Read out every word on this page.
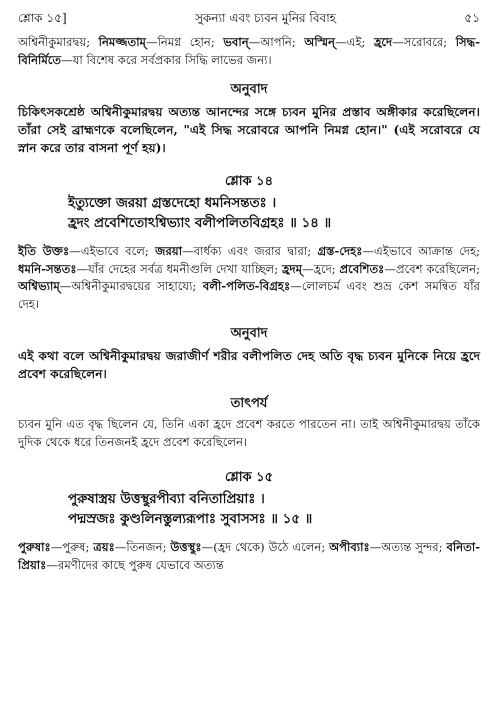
শ্লোক ১৫]	সুকন্যা এবং চ্যবন মুনির বিবাহ	৫১

অশ্বিনীকুমারদ্বয়; নিমজ্জতাম্—নিমগ্ন হোন; ভবান্—আপনি; অস্মিন্—এই; হ্রদে—সরোবরে; সিদ্ধ-বিনির্মিতে—যা বিশেষ করে সর্বপ্রকার সিদ্ধি লাভের জন্য।

অনুবাদ

চিকিৎসকশ্রেষ্ঠ অশ্বিনীকুমারদ্বয় অত্যন্ত আনন্দের সঙ্গে চ্যবন মুনির প্রস্তাব অঙ্গীকার করেছিলেন। তাঁরা সেই ব্রাহ্মণকে বলেছিলেন, "এই সিদ্ধ সরোবরে আপনি নিমগ্ন হোন।" (এই সরোবরে যে স্নান করে তার বাসনা পূর্ণ হয়)।

শ্লোক ১৪

ইত্যুক্তো জরয়া গ্রস্তদেহো ধমনিসন্ততঃ ।

হ্রদং প্রবেশিতোঽশ্বিভ্যাং বলীপলিতবিগ্রহঃ ॥ ১৪ ॥

ইতি উক্তঃ—এইভাবে বলে; জরয়া—বার্ধক্য এবং জরার দ্বারা; গ্রস্ত-দেহঃ—এইভাবে আক্রান্ত দেহ; ধমনি-সন্ততঃ—যাঁর দেহের সর্বত্র ধমনীগুলি দেখা যাচ্ছিল; হ্রদম্—হ্রদে; প্রবেশিতঃ—প্রবেশ করেছিলেন; অশ্বিভ্যাম্—অশ্বিনীকুমারদ্বয়ের সাহায্যে; বলী-পলিত-বিগ্রহঃ—লোলচর্ম এবং শুভ্র কেশ সমন্বিত যাঁর দেহ।

অনুবাদ

এই কথা বলে অশ্বিনীকুমারদ্বয় জরাজীর্ণ শরীর বলীপলিত দেহ অতি বৃদ্ধ চ্যবন মুনিকে নিয়ে হ্রদে প্রবেশ করেছিলেন।

তাৎপর্য

চ্যবন মুনি এত বৃদ্ধ ছিলেন যে, তিনি একা হ্রদে প্রবেশ করতে পারতেন না। তাই অশ্বিনীকুমারদ্বয় তাঁকে দুদিক থেকে ধরে তিনজনই হ্রদে প্রবেশ করেছিলেন।

শ্লোক ১৫

পুরুষাস্ত্রয় উত্তস্থুরপীব্যা বনিতাপ্রিয়াঃ ।

পদ্মস্রজঃ কুণ্ডলিনস্তুল্যরূপাঃ সুবাসসঃ ॥ ১৫ ॥

পুরুষাঃ—পুরুষ; ত্রয়ঃ—তিনজন; উত্তস্থুঃ—(হ্রদ থেকে) উঠে এলেন; অপীব্যাঃ—অত্যন্ত সুন্দর; বনিতা-প্রিয়াঃ—রমণীদের কাছে পুরুষ যেভাবে অত্যন্ত
